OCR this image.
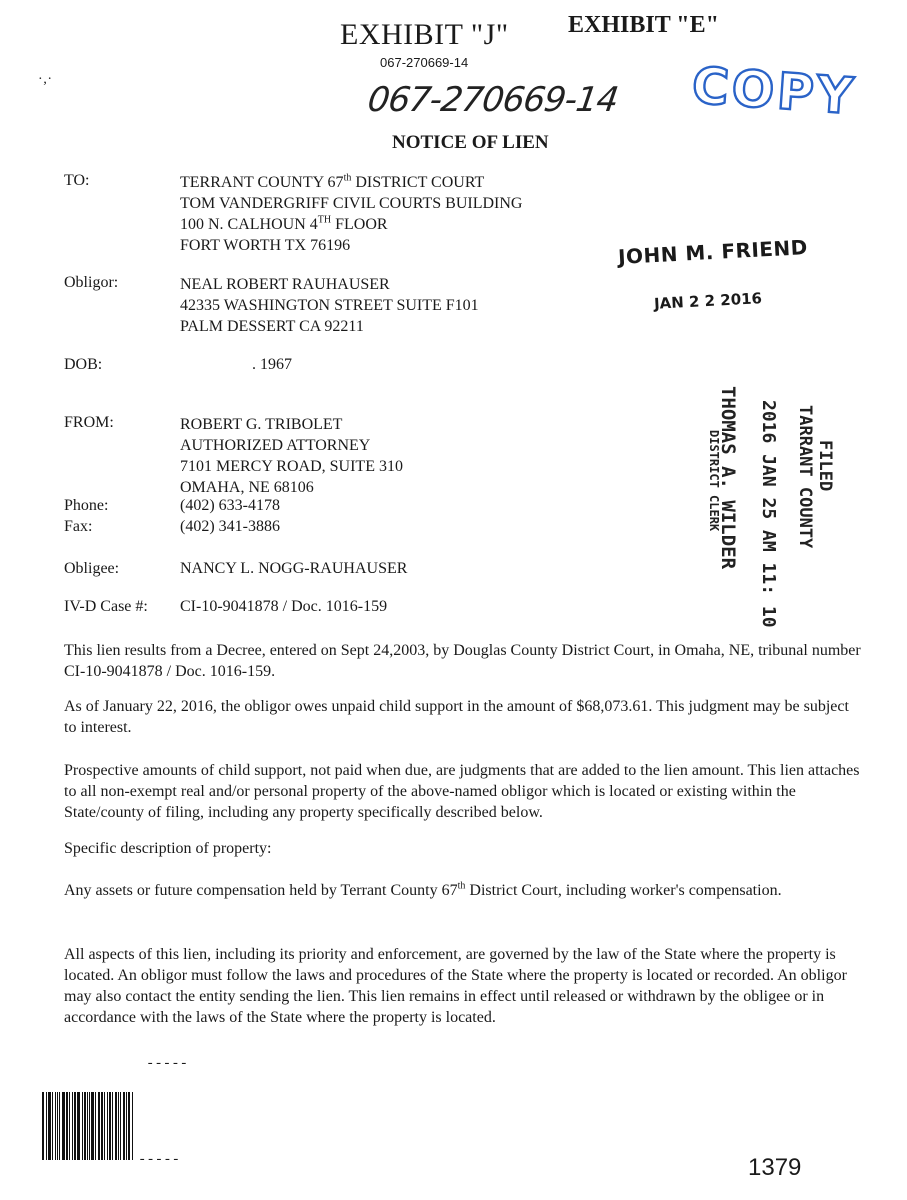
·‚·
EXHIBIT "J" EXHIBIT "E"
067-270669-14
067-270669-14 COPY
NOTICE OF LIEN
TO:	TERRANT COUNTY 67th DISTRICT COURT
TOM VANDERGRIFF CIVIL COURTS BUILDING
100 N. CALHOUN 4TH FLOOR
FORT WORTH TX 76196	JOHN M. FRIEND
JAN 2 2 2016
Obligor:	NEAL ROBERT RAUHAUSER
42335 WASHINGTON STREET SUITE F101
PALM DESSERT CA 92211
DOB:	. 1967
FROM:	ROBERT G. TRIBOLET
AUTHORIZED ATTORNEY
7101 MERCY ROAD, SUITE 310
OMAHA, NE 68106
Phone:	(402) 633-4178
Fax:	(402) 341-3886
FILED
TARRANT COUNTY
2016 JAN 25 AM 11: 10
THOMAS A. WILDER
DISTRICT CLERK
Obligee:	NANCY L. NOGG-RAUHAUSER
IV-D Case #: CI-10-9041878 / Doc. 1016-159
This lien results from a Decree, entered on Sept 24,2003, by Douglas County District Court, in Omaha, NE, tribunal number CI-10-9041878 / Doc. 1016-159.
As of January 22, 2016, the obligor owes unpaid child support in the amount of $68,073.61. This judgment may be subject to interest.
Prospective amounts of child support, not paid when due, are judgments that are added to the lien amount. This lien attaches to all non-exempt real and/or personal property of the above-named obligor which is located or existing within the State/county of filing, including any property specifically described below.
Specific description of property:
Any assets or future compensation held by Terrant County 67th District Court, including worker's compensation.
All aspects of this lien, including its priority and enforcement, are governed by the law of the State where the property is located. An obligor must follow the laws and procedures of the State where the property is located or recorded. An obligor may also contact the entity sending the lien. This lien remains in effect until released or withdrawn by the obligee or in accordance with the laws of the State where the property is located.
-----
-----	1379
